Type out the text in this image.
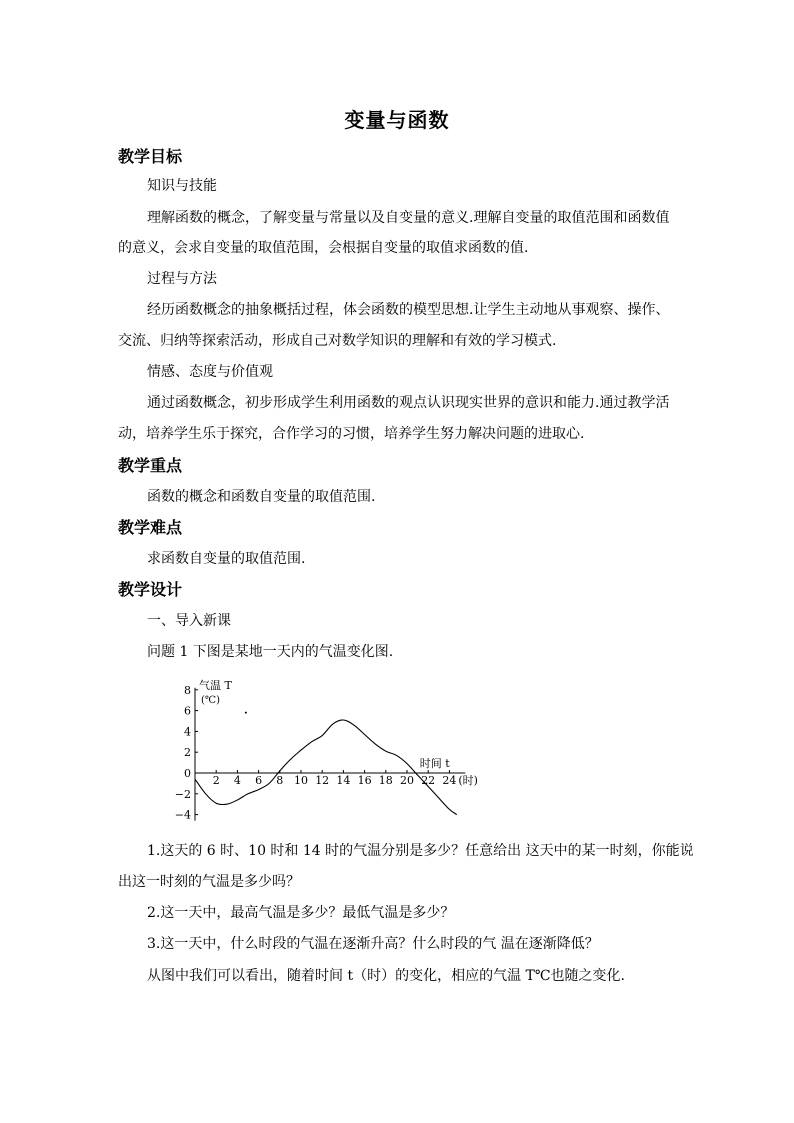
变量与函数
教学目标
知识与技能
理解函数的概念，了解变量与常量以及自变量的意义.理解自变量的取值范围和函数值
的意义，会求自变量的取值范围，会根据自变量的取值求函数的值.
过程与方法
经历函数概念的抽象概括过程，体会函数的模型思想.让学生主动地从事观察、操作、
交流、归纳等探索活动，形成自己对数学知识的理解和有效的学习模式.
情感、态度与价值观
通过函数概念，初步形成学生利用函数的观点认识现实世界的意识和能力.通过教学活
动，培养学生乐于探究，合作学习的习惯，培养学生努力解决问题的进取心.
教学重点
函数的概念和函数自变量的取值范围.
教学难点
求函数自变量的取值范围.
教学设计
一、导入新课
问题 1 下图是某地一天内的气温变化图.
−4
−2
0
2
4
6
8
2 4 6 8 10 12 14 16 18 20 22 24
气温 T
(℃)
时间 t
(时)
1.这天的 6 时、10 时和 14 时的气温分别是多少？任意给出 这天中的某一时刻，你能说
出这一时刻的气温是多少吗？
2.这一天中，最高气温是多少？最低气温是多少？
3.这一天中，什么时段的气温在逐渐升高？什么时段的气 温在逐渐降低？
从图中我们可以看出，随着时间 t（时）的变化，相应的气温 T℃也随之变化.
